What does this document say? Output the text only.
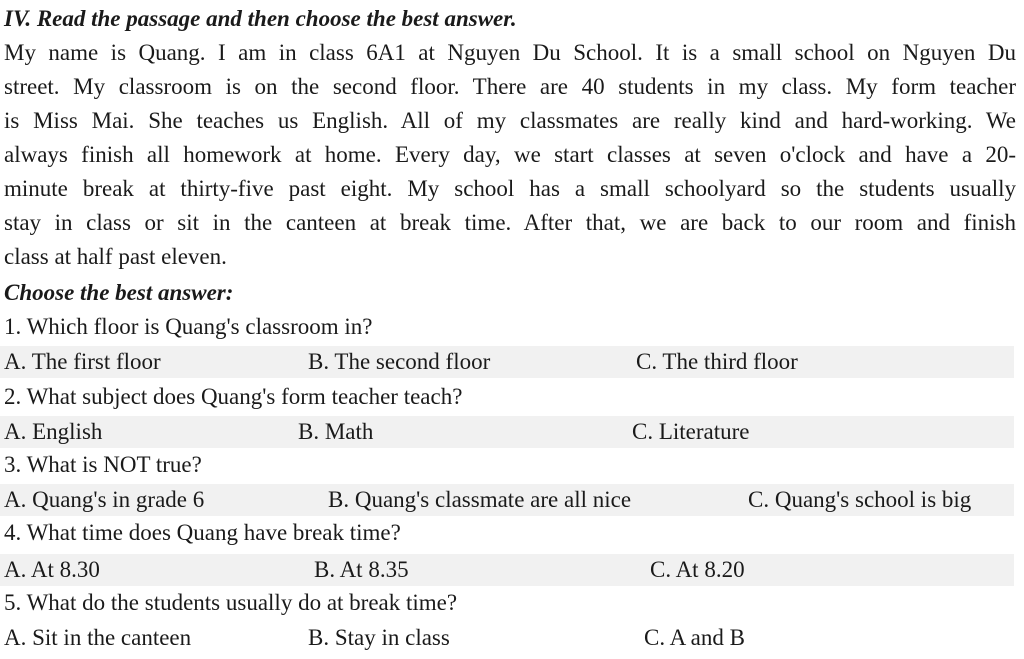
IV. Read the passage and then choose the best answer.
My name is Quang. I am in class 6A1 at Nguyen Du School. It is a small school on Nguyen Du
street. My classroom is on the second floor. There are 40 students in my class. My form teacher
is Miss Mai. She teaches us English. All of my classmates are really kind and hard-working. We
always finish all homework at home. Every day, we start classes at seven o'clock and have a 20-
minute break at thirty-five past eight. My school has a small schoolyard so the students usually
stay in class or sit in the canteen at break time. After that, we are back to our room and finish
class at half past eleven.
Choose the best answer:
1. Which floor is Quang's classroom in?
A. The first floor	B. The second floor	C. The third floor
2. What subject does Quang's form teacher teach?
A. English	B. Math	C. Literature
3. What is NOT true?
A. Quang's in grade 6	B. Quang's classmate are all nice	C. Quang's school is big
4. What time does Quang have break time?
A. At 8.30	B. At 8.35	C. At 8.20
5. What do the students usually do at break time?
A. Sit in the canteen	B. Stay in class	C. A and B
